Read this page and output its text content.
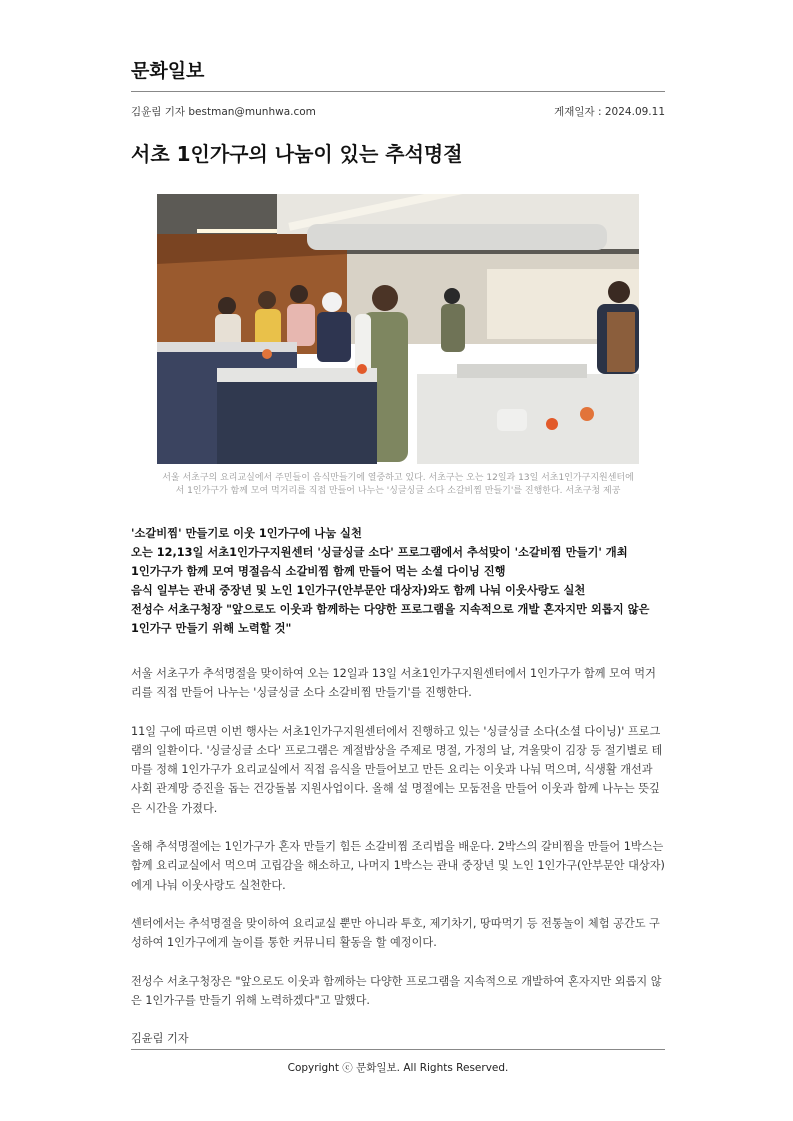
문화일보
김윤림 기자 bestman@munhwa.com	게재일자 : 2024.09.11
서초 1인가구의 나눔이 있는 추석명절
서울 서초구의 요리교실에서 주민들이 음식만들기에 열중하고 있다. 서초구는 오는 12일과 13일 서초1인가구지원센터에
서 1인가구가 함께 모여 먹거리를 직접 만들어 나누는 '싱글싱글 소다 소갈비찜 만들기'를 진행한다. 서초구청 제공
'소갈비찜' 만들기로 이웃 1인가구에 나눔 실천
오는 12,13일 서초1인가구지원센터 '싱글싱글 소다' 프로그램에서 추석맞이 '소갈비찜 만들기' 개최
1인가구가 함께 모여 명절음식 소갈비찜 함께 만들어 먹는 소셜 다이닝 진행
음식 일부는 관내 중장년 및 노인 1인가구(안부문안 대상자)와도 함께 나눠 이웃사랑도 실천
전성수 서초구청장 "앞으로도 이웃과 함께하는 다양한 프로그램을 지속적으로 개발 혼자지만 외롭지 않은
1인가구 만들기 위해 노력할 것"

서울 서초구가 추석명절을 맞이하여 오는 12일과 13일 서초1인가구지원센터에서 1인가구가 함께 모여 먹거리를 직접 만들어 나누는 '싱글싱글 소다 소갈비찜 만들기'를 진행한다.

11일 구에 따르면 이번 행사는 서초1인가구지원센터에서 진행하고 있는 '싱글싱글 소다(소셜 다이닝)' 프로그램의 일환이다. '싱글싱글 소다' 프로그램은 계절밥상을 주제로 명절, 가정의 날, 겨울맞이 김장 등 절기별로 테마를 정해 1인가구가 요리교실에서 직접 음식을 만들어보고 만든 요리는 이웃과 나눠 먹으며, 식생활 개선과 사회 관계망 증진을 돕는 건강돌봄 지원사업이다. 올해 설 명절에는 모둠전을 만들어 이웃과 함께 나누는 뜻깊은 시간을 가졌다.

올해 추석명절에는 1인가구가 혼자 만들기 힘든 소갈비찜 조리법을 배운다. 2박스의 갈비찜을 만들어 1박스는 함께 요리교실에서 먹으며 고립감을 해소하고, 나머지 1박스는 관내 중장년 및 노인 1인가구(안부문안 대상자)에게 나눠 이웃사랑도 실천한다.

센터에서는 추석명절을 맞이하여 요리교실 뿐만 아니라 투호, 제기차기, 땅따먹기 등 전통놀이 체험 공간도 구성하여 1인가구에게 놀이를 통한 커뮤니티 활동을 할 예정이다.

전성수 서초구청장은 "앞으로도 이웃과 함께하는 다양한 프로그램을 지속적으로 개발하여 혼자지만 외롭지 않은 1인가구를 만들기 위해 노력하겠다"고 말했다.

김윤림 기자

Copyright ⓒ 문화일보. All Rights Reserved.
